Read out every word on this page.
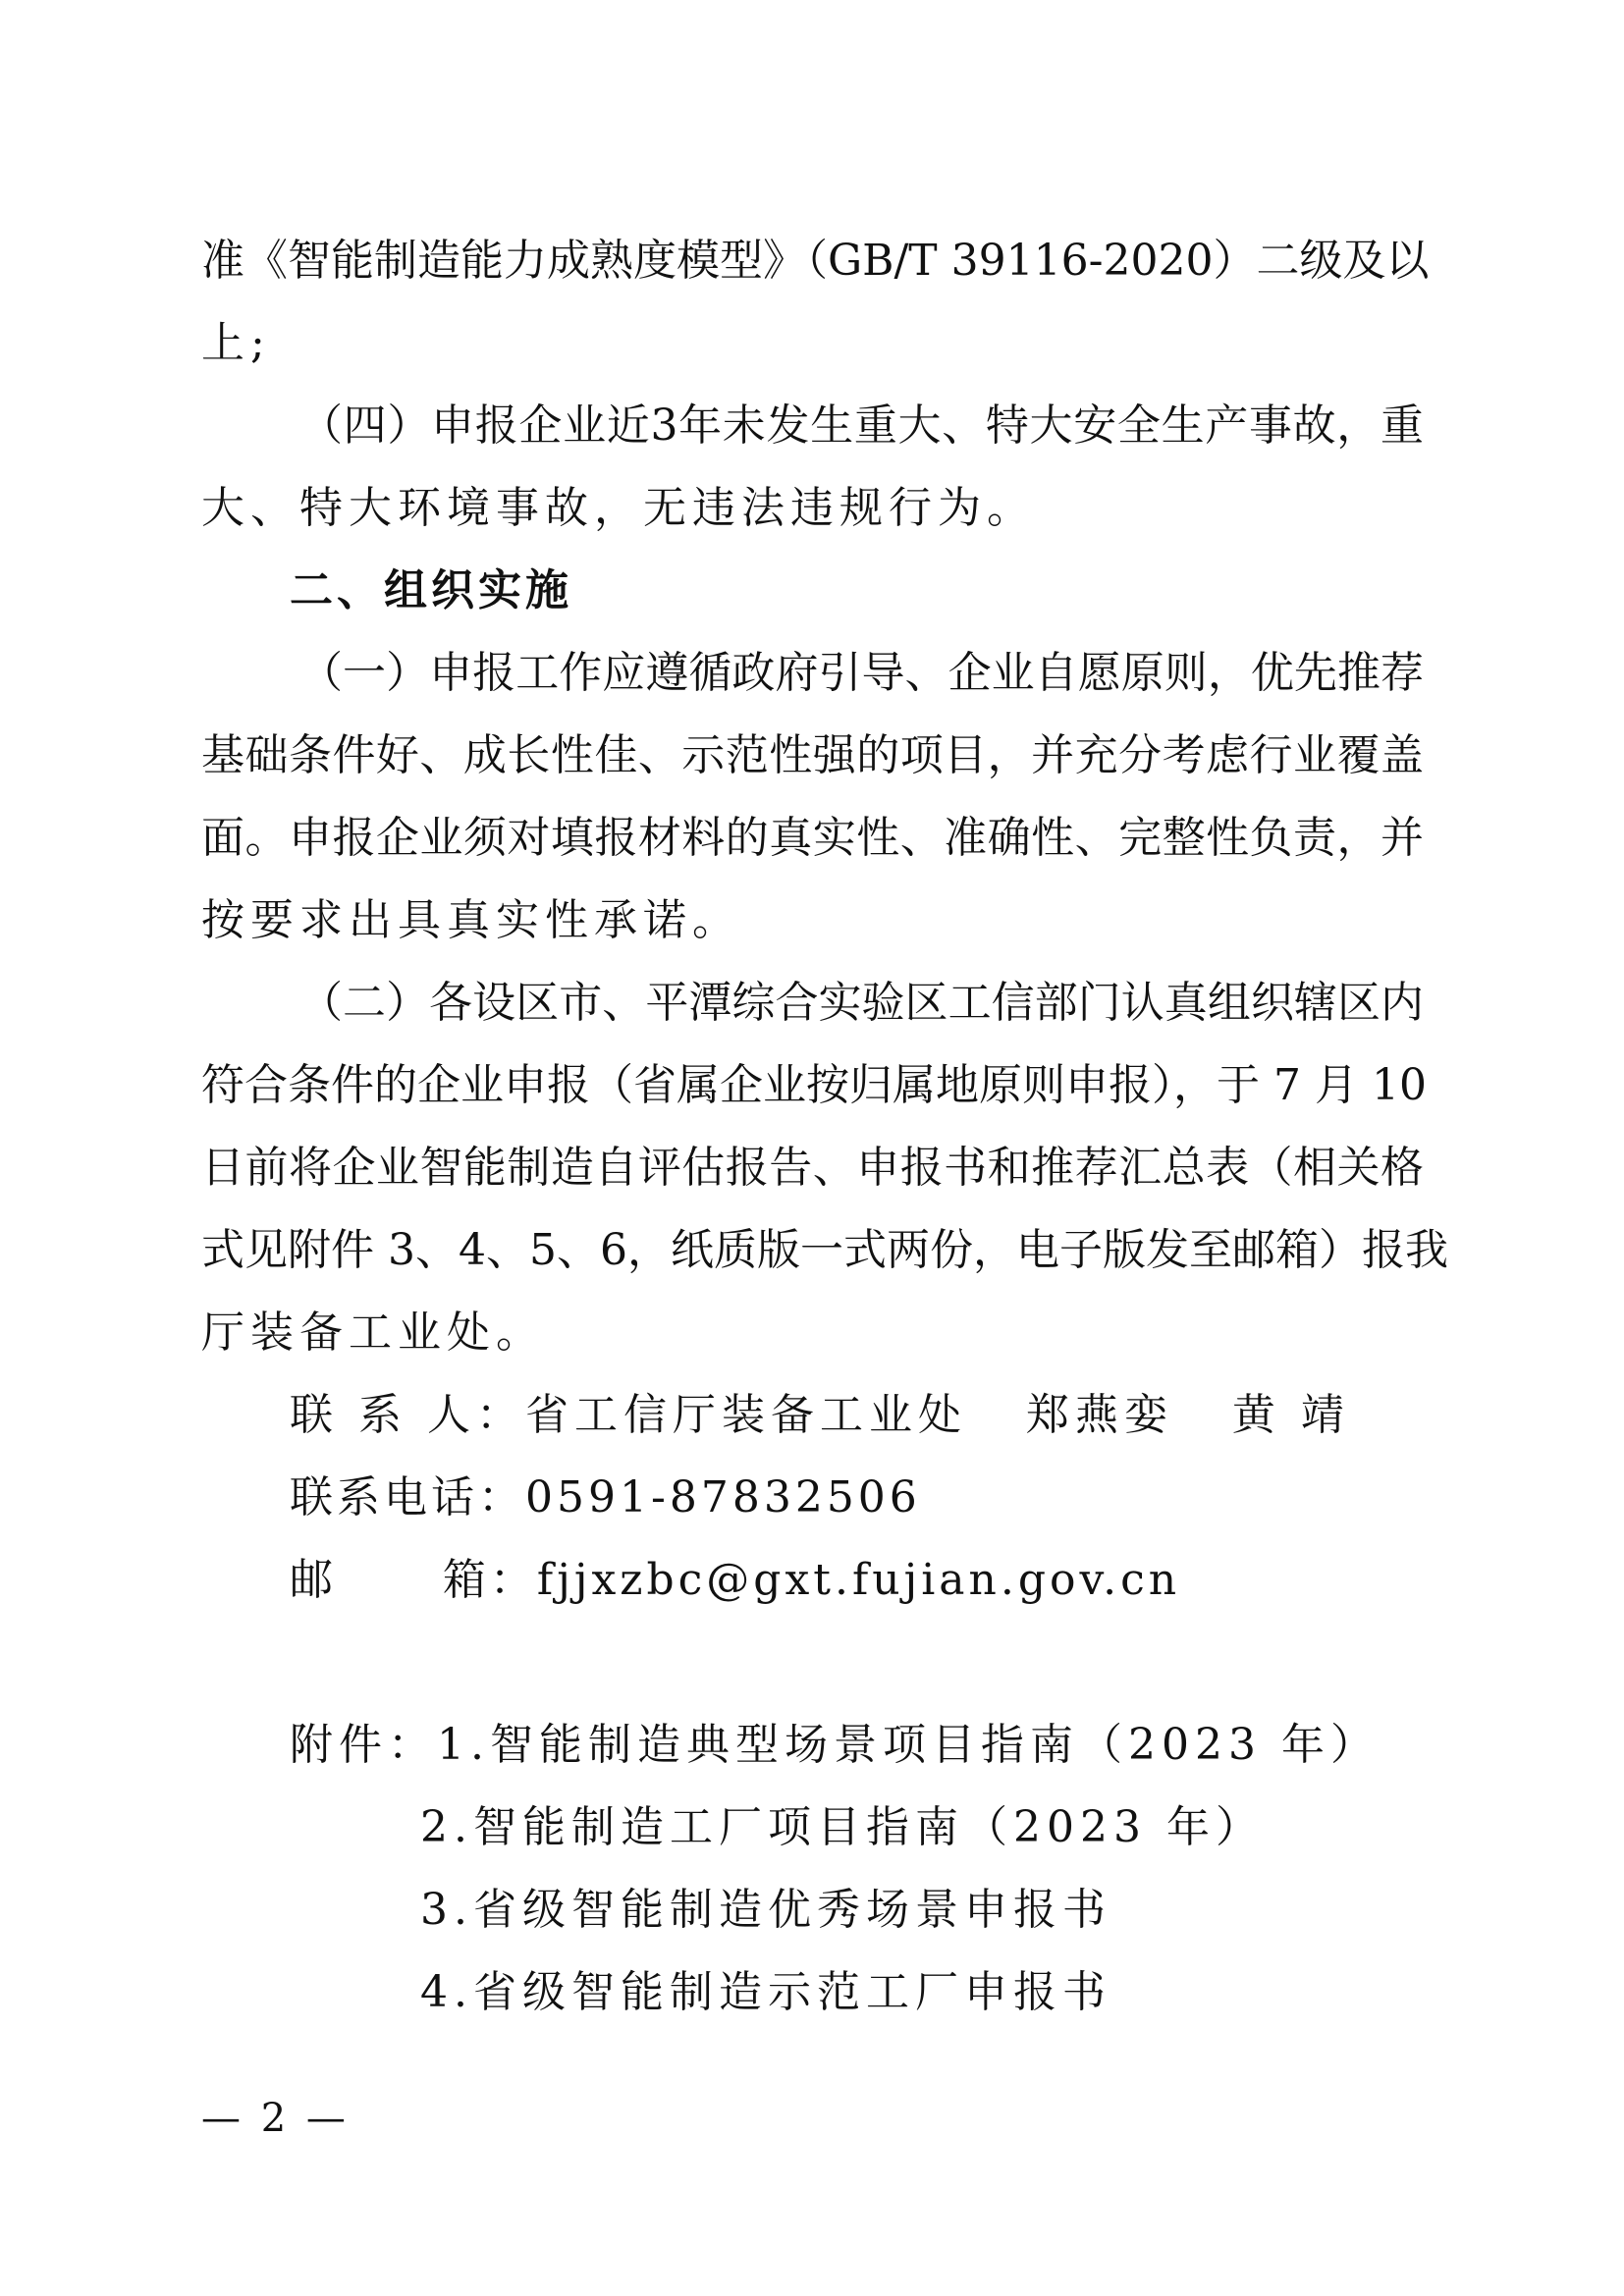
准《智能制造能力成熟度模型》（GB/T 39116-2020）二级及以
上;
（四）申报企业近3年未发生重大、特大安全生产事故，重
大、特大环境事故，无违法违规行为。
二、组织实施
（一）申报工作应遵循政府引导、企业自愿原则，优先推荐
基础条件好、成长性佳、示范性强的项目，并充分考虑行业覆盖
面。申报企业须对填报材料的真实性、准确性、完整性负责，并
按要求出具真实性承诺。
（二）各设区市、平潭综合实验区工信部门认真组织辖区内
符合条件的企业申报（省属企业按归属地原则申报），于 7 月 10
日前将企业智能制造自评估报告、申报书和推荐汇总表（相关格
式见附件 3、4、5、6，纸质版一式两份，电子版发至邮箱）报我
厅装备工业处。
联 系 人：省工信厅装备工业处   郑燕娈   黄 靖
联系电话：0591-87832506
邮      箱：fjjxzbc@gxt.fujian.gov.cn
附件：1.智能制造典型场景项目指南（2023 年）
2.智能制造工厂项目指南（2023 年）
3.省级智能制造优秀场景申报书
4.省级智能制造示范工厂申报书
— 2 —
